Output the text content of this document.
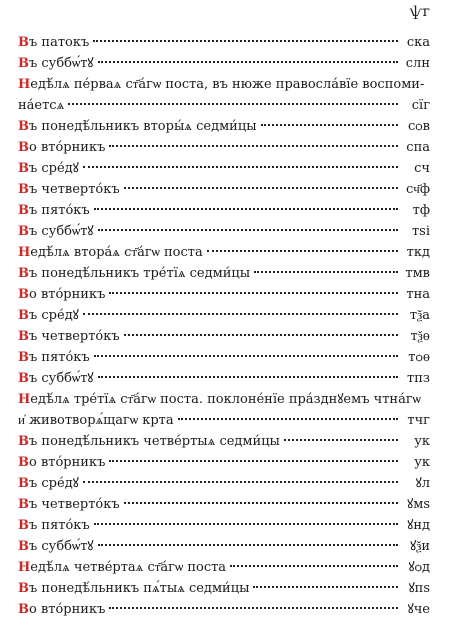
ѱг
Въ патокъ	ска
Въ суббѡ́тꙋ	слн
Недѣ́лѧ пе́рваѧ ст҃а́гѡ поста, въ нюже правосла́вїе воспоми-
на́етсѧ	сїг
Въ понедѣ́льникъ вторы́ѧ седми́цы	сѻв
Во вто́рникъ	спа
Въ сре́дꙋ	сч
Въ четверто́къ	сч҃ф
Въ пято́къ	тф
Въ суббѡ́тꙋ	тѕі
Недѣ́лѧ втора́ѧ ст҃а́гѡ поста	ткд
Въ понедѣ́льникъ тре́тїѧ седми́цы	тмв
Во вто́рникъ	тна
Въ сре́дꙋ	тѯа
Въ четверто́къ	тѯѳ
Въ пято́къ	тѻѳ
Въ суббѡ́тꙋ	тпз
Недѣ́лѧ тре́тїѧ ст҃а́гѡ поста. поклоне́нїе пра́зднꙋемъ чтна́гѡ
и҆ животворѧ́щагѡ крта	тчг
Въ понедѣ́льникъ четве́ртыѧ седми́цы	ук
Во вто́рникъ	ук
Въ сре́дꙋ	ꙋл
Въ четверто́къ	ꙋмѕ
Въ пято́къ	ꙋнд
Въ суббѡ́тꙋ	ꙋѯи
Недѣ́лѧ четве́ртаѧ ст҃а́гѡ поста	ꙋѻд
Въ понедѣ́льникъ пѧ́тыѧ седми́цы	ꙋпѕ
Во вто́рникъ	ꙋче
